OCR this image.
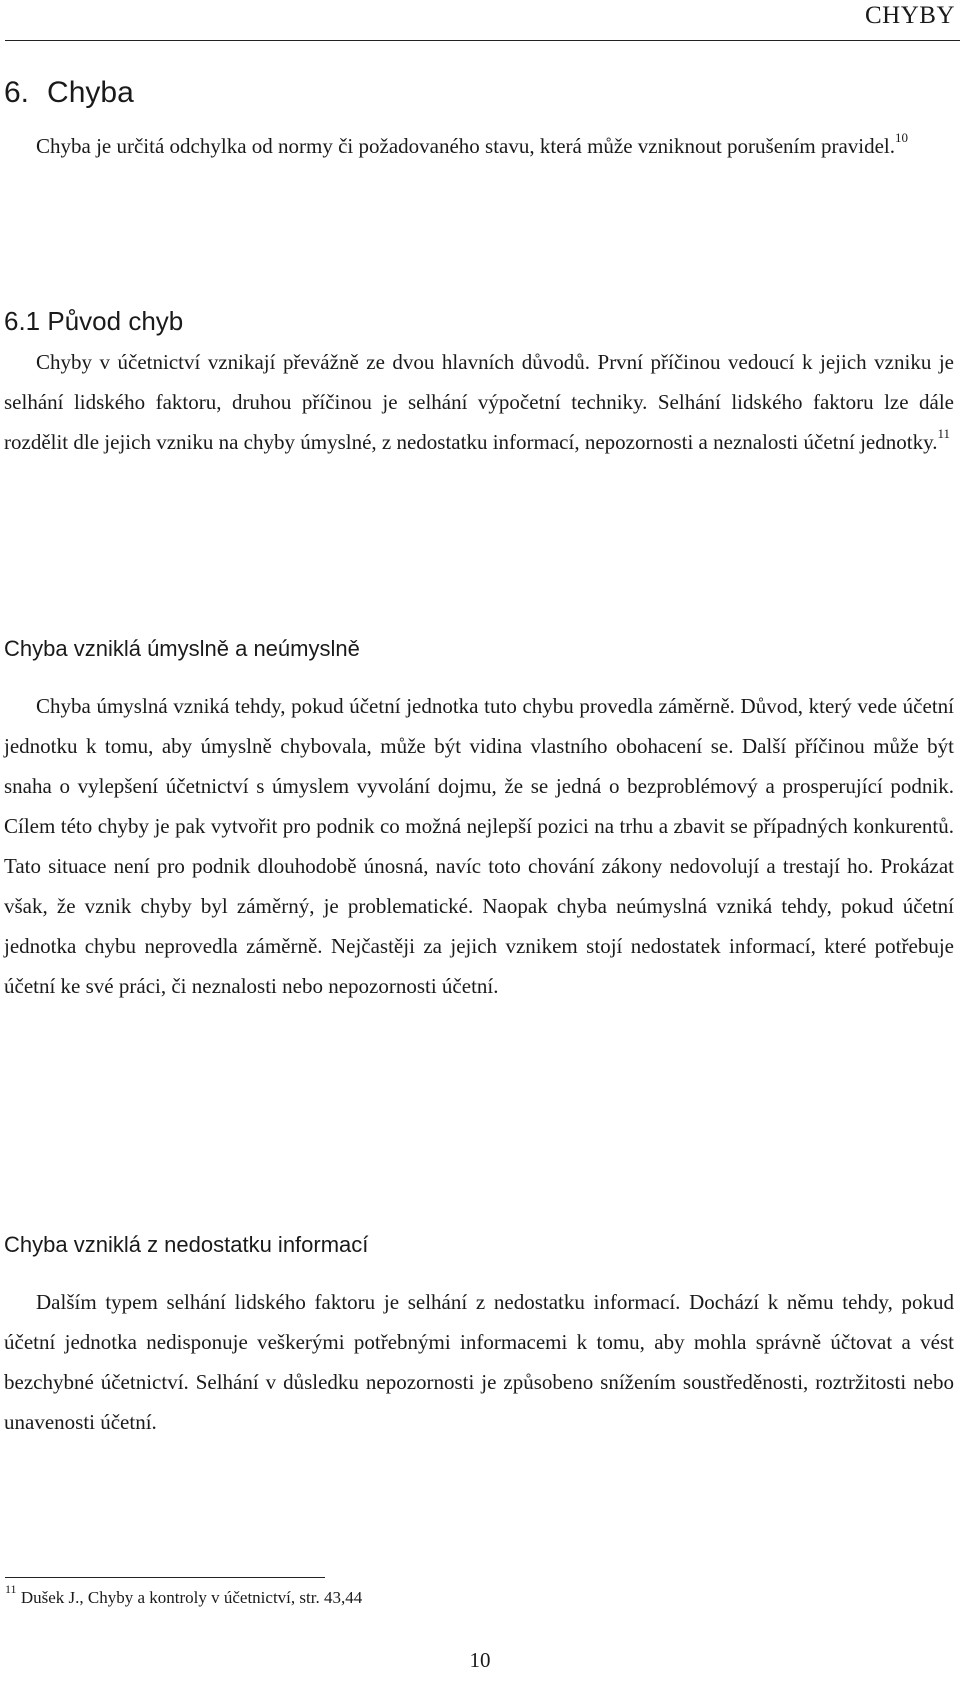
CHYBY
6. Chyba

Chyba je určitá odchylka od normy či požadovaného stavu, která může vzniknout porušením pravidel.$^{10}$

6.1 Původ chyb

Chyby v účetnictví vznikají převážně ze dvou hlavních důvodů. První příčinou vedoucí k jejich vzniku je selhání lidského faktoru, druhou příčinou je selhání výpočetní techniky. Selhání lidského faktoru lze dále rozdělit dle jejich vzniku na chyby úmyslné, z nedostatku informací, nepozornosti a neznalosti účetní jednotky.$^{11}$

Chyba vzniklá úmyslně a neúmyslně

Chyba úmyslná vzniká tehdy, pokud účetní jednotka tuto chybu provedla záměrně. Důvod, který vede účetní jednotku k tomu, aby úmyslně chybovala, může být vidina vlastního obohacení se. Další příčinou může být snaha o vylepšení účetnictví s úmyslem vyvolání dojmu, že se jedná o bezproblémový a prosperující podnik. Cílem této chyby je pak vytvořit pro podnik co možná nejlepší pozici na trhu a zbavit se případných konkurentů. Tato situace není pro podnik dlouhodobě únosná, navíc toto chování zákony nedovolují a trestají ho. Prokázat však, že vznik chyby byl záměrný, je problematické. Naopak chyba neúmyslná vzniká tehdy, pokud účetní jednotka chybu neprovedla záměrně. Nejčastěji za jejich vznikem stojí nedostatek informací, které potřebuje účetní ke své práci, či neznalosti nebo nepozornosti účetní.

Chyba vzniklá z nedostatku informací

Dalším typem selhání lidského faktoru je selhání z nedostatku informací. Dochází k němu tehdy, pokud účetní jednotka nedisponuje veškerými potřebnými informacemi k tomu, aby mohla správně účtovat a vést bezchybné účetnictví. Selhání v důsledku nepozornosti je způsobeno snížením soustředěnosti, roztržitosti nebo unavenosti účetní.

$^{11}$ Dušek J., Chyby a kontroly v účetnictví, str. 43,44
10
